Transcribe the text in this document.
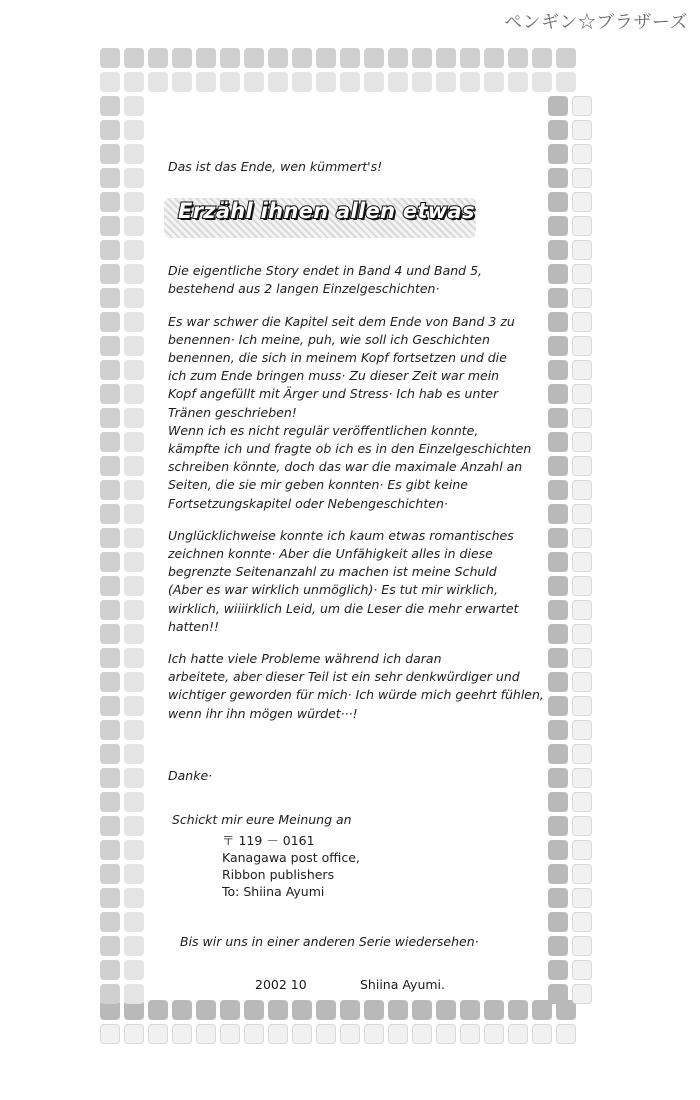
ペンギン☆ブラザーズ
Das ist das Ende, wen kümmert's!
Erzähl ihnen allen etwas
Die eigentliche Story endet in Band 4 und Band 5,
bestehend aus 2 langen Einzelgeschichten·
Es war schwer die Kapitel seit dem Ende von Band 3 zu
benennen· Ich meine, puh, wie soll ich Geschichten
benennen, die sich in meinem Kopf fortsetzen und die
ich zum Ende bringen muss· Zu dieser Zeit war mein
Kopf angefüllt mit Ärger und Stress· Ich hab es unter
Tränen geschrieben!
Wenn ich es nicht regulär veröffentlichen konnte,
kämpfte ich und fragte ob ich es in den Einzelgeschichten
schreiben könnte, doch das war die maximale Anzahl an
Seiten, die sie mir geben konnten· Es gibt keine
Fortsetzungskapitel oder Nebengeschichten·
Unglücklichweise konnte ich kaum etwas romantisches
zeichnen konnte· Aber die Unfähigkeit alles in diese
begrenzte Seitenanzahl zu machen ist meine Schuld
(Aber es war wirklich unmöglich)· Es tut mir wirklich,
wirklich, wiiiirklich Leid, um die Leser die mehr erwartet
hatten!!
Ich hatte viele Probleme während ich daran
arbeitete, aber dieser Teil ist ein sehr denkwürdiger und
wichtiger geworden für mich· Ich würde mich geehrt fühlen,
wenn ihr ihn mögen würdet···!
Danke·
Schickt mir eure Meinung an
〒 119 － 0161
Kanagawa post office,
Ribbon publishers
To: Shiina Ayumi
Bis wir uns in einer anderen Serie wiedersehen·
2002 10	Shiina Ayumi.
